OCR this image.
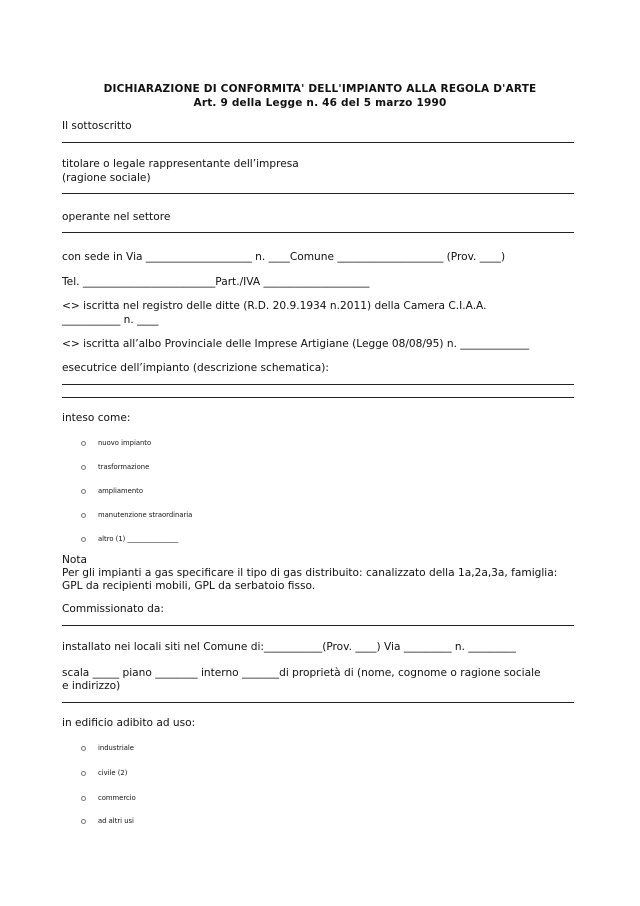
DICHIARAZIONE DI CONFORMITA' DELL'IMPIANTO ALLA REGOLA D'ARTE
Art. 9 della Legge n. 46 del 5 marzo 1990
Il sottoscritto
titolare o legale rappresentante dell’impresa
(ragione sociale)
operante nel settore
con sede in Via ____________________ n. ____Comune ____________________ (Prov. ____)
Tel. _________________________Part./IVA ____________________
<> iscritta nel registro delle ditte (R.D. 20.9.1934 n.2011) della Camera C.I.A.A.
___________ n. ____
<> iscritta all’albo Provinciale delle Imprese Artigiane (Legge 08/08/95) n. _____________
esecutrice dell’impianto (descrizione schematica):
inteso come:
nuovo impianto
trasformazione
ampliamento
manutenzione straordinaria
altro (1) _______________
Nota
Per gli impianti a gas specificare il tipo di gas distribuito: canalizzato della 1a,2a,3a, famiglia:
GPL da recipienti mobili, GPL da serbatoio fisso.
Commissionato da:
installato nei locali siti nel Comune di:___________(Prov. ____) Via _________ n. _________
scala _____ piano ________ interno _______di proprietà di (nome, cognome o ragione sociale
e indirizzo)
in edificio adibito ad uso:
industriale
civile (2)
commercio
ad altri usi
